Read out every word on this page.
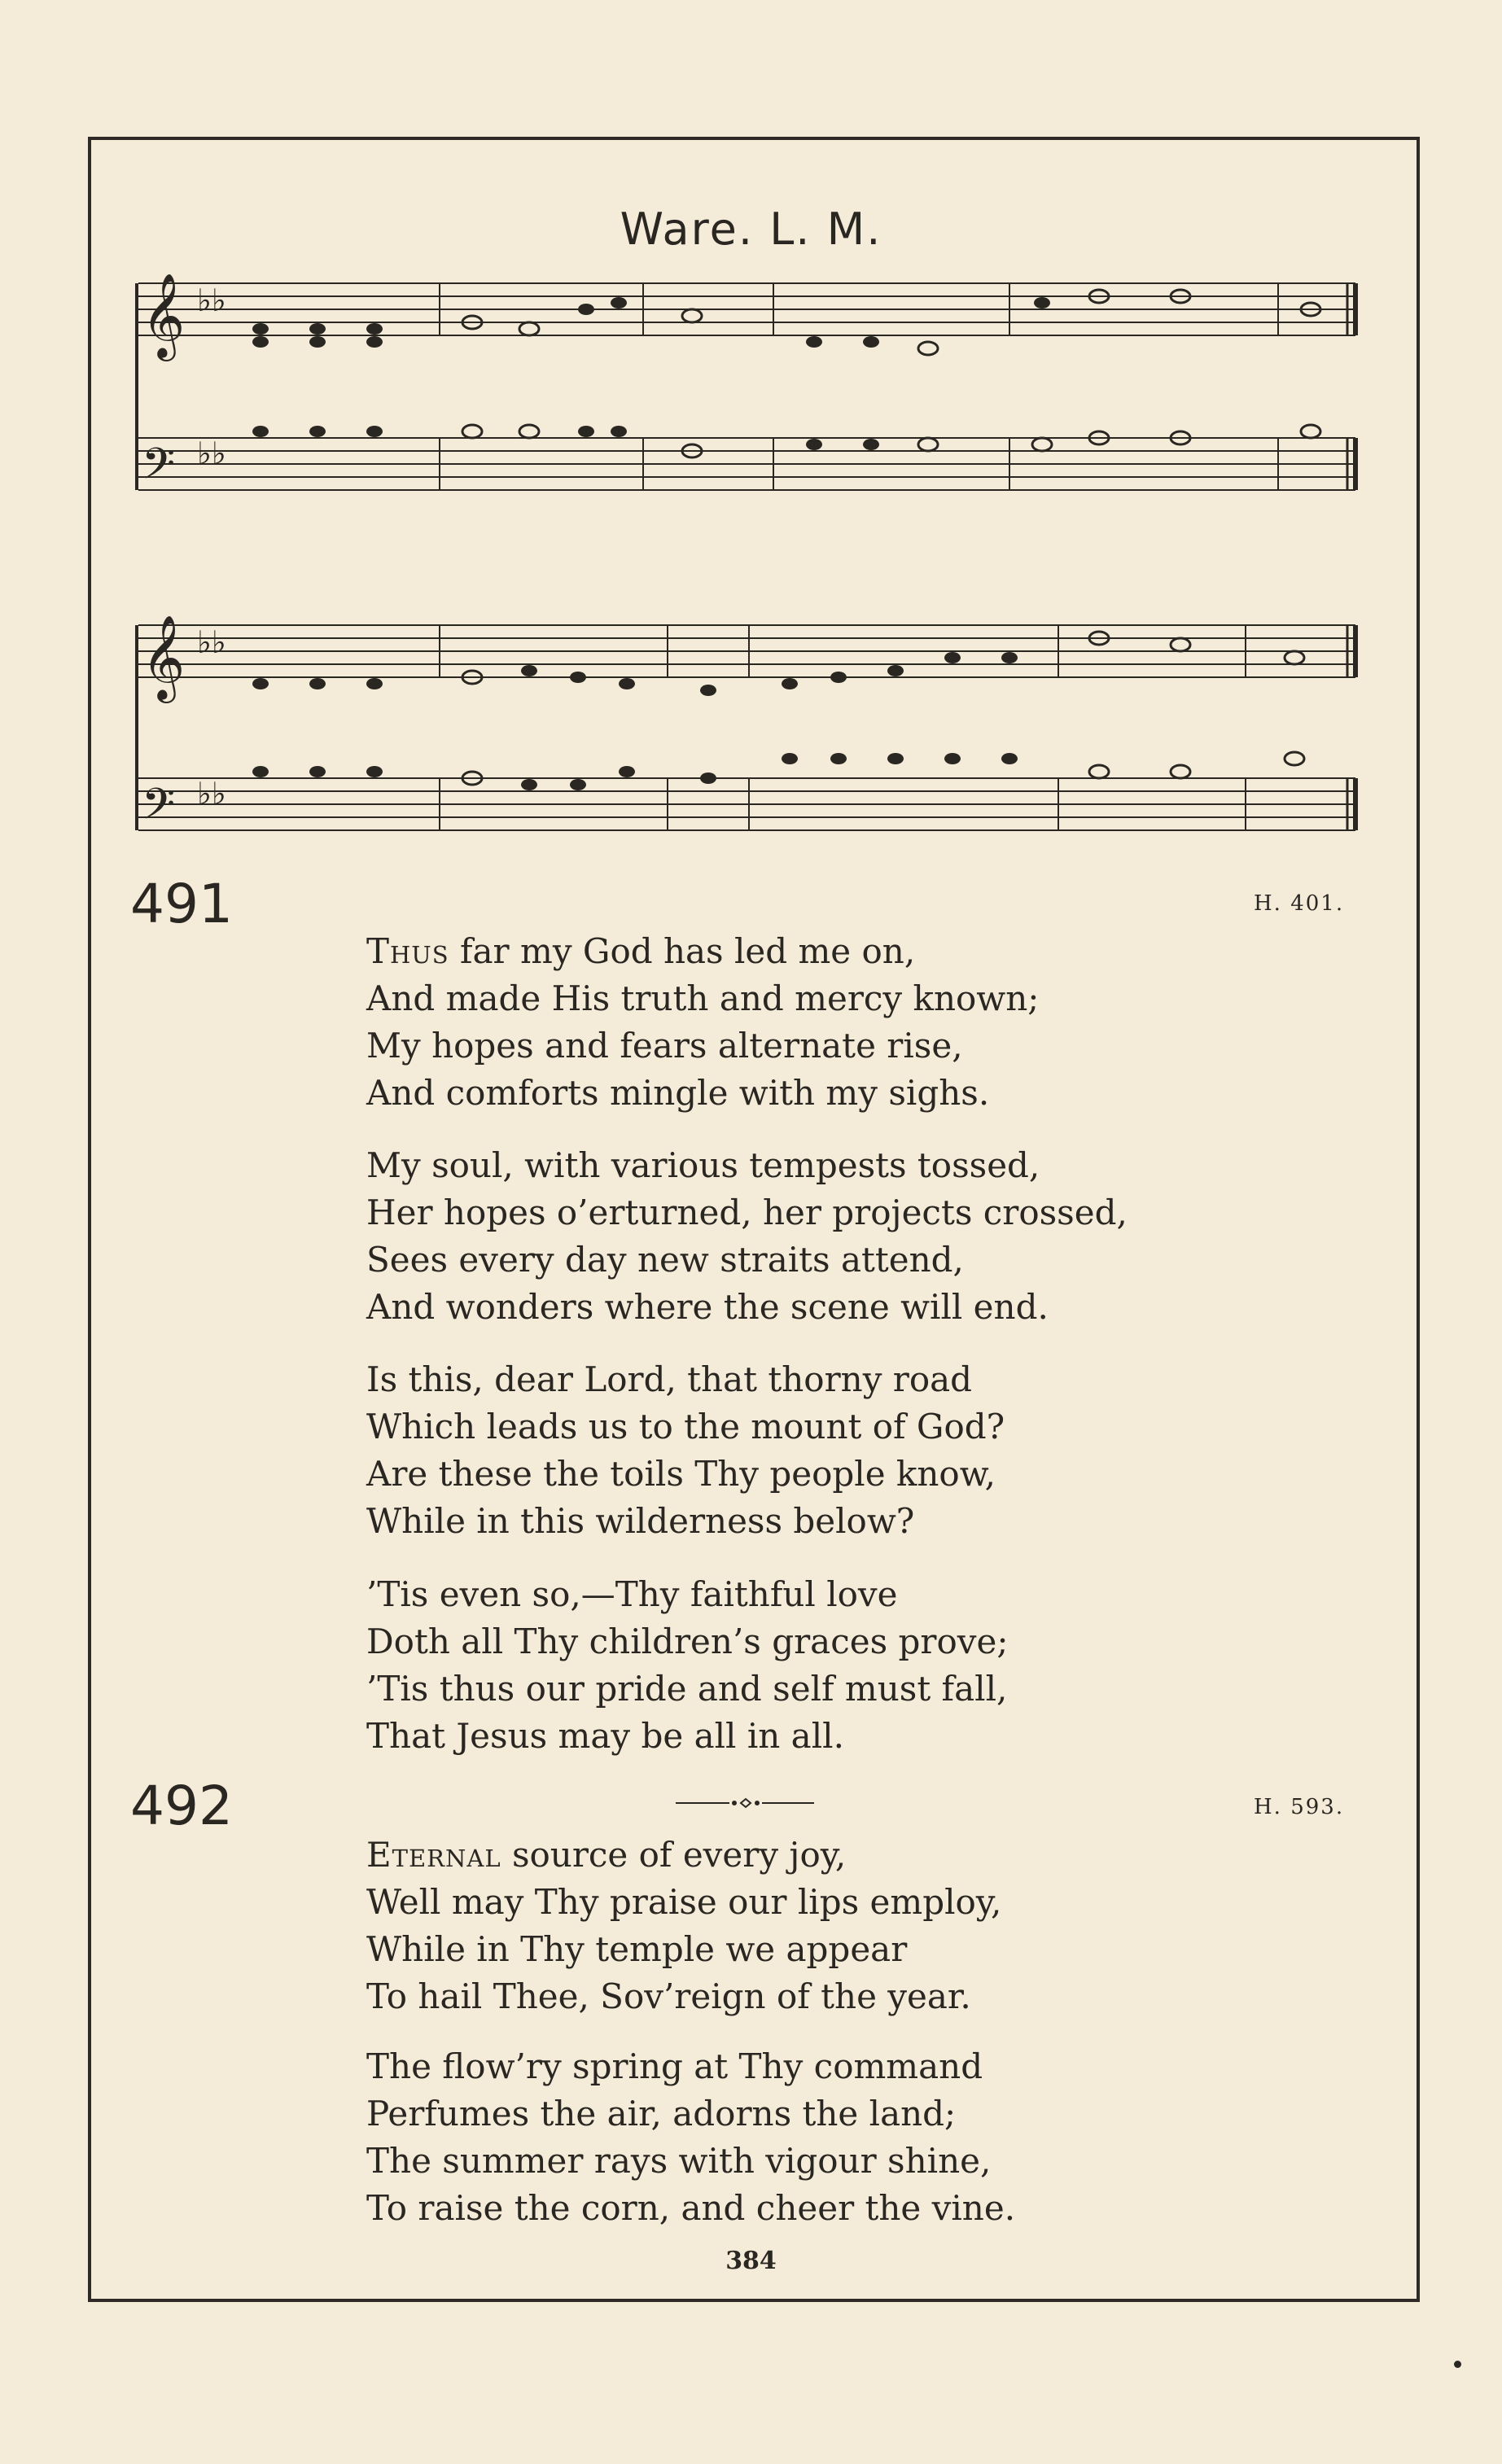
Ware. L. M.
𝄞
𝄢
𝄞
𝄢
♭♭
♭♭
♭♭
♭♭
491	H. 401.
Thus far my God has led me on,
And made His truth and mercy known;
My hopes and fears alternate rise,
And comforts mingle with my sighs.
My soul, with various tempests tossed,
Her hopes o’erturned, her projects crossed,
Sees every day new straits attend,
And wonders where the scene will end.
Is this, dear Lord, that thorny road
Which leads us to the mount of God?
Are these the toils Thy people know,
While in this wilderness below?
’Tis even so,—Thy faithful love
Doth all Thy children’s graces prove;
’Tis thus our pride and self must fall,
That Jesus may be all in all.
492	H. 593.
Eternal source of every joy,
Well may Thy praise our lips employ,
While in Thy temple we appear
To hail Thee, Sov’reign of the year.
The flow’ry spring at Thy command
Perfumes the air, adorns the land;
The summer rays with vigour shine,
To raise the corn, and cheer the vine.
384
